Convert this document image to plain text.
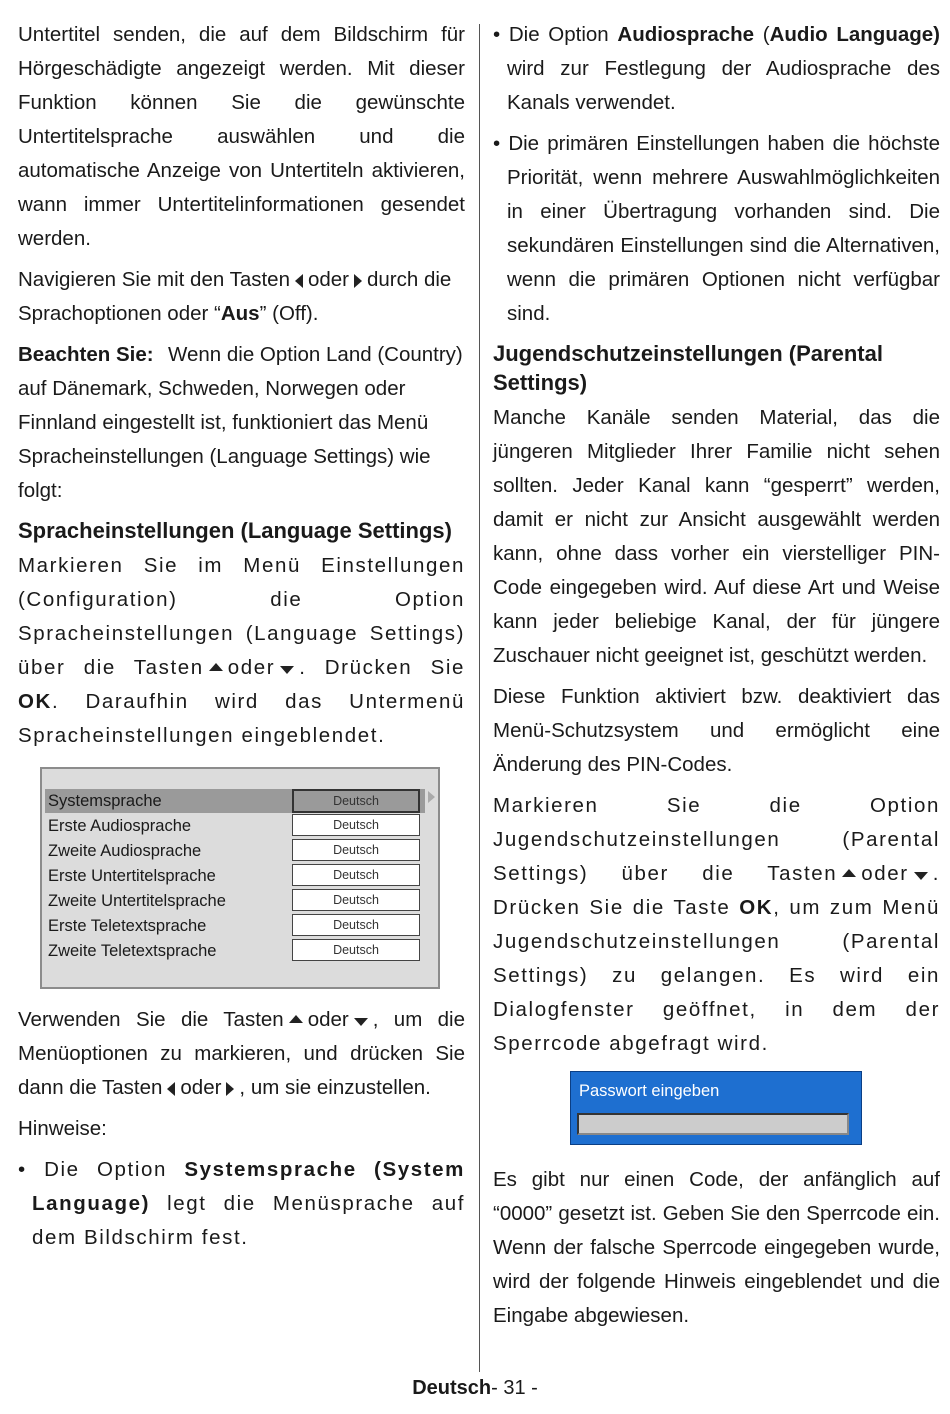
Untertitel senden, die auf dem Bildschirm für Hörgeschädigte angezeigt werden. Mit dieser Funktion können Sie die gewünschte Untertitelsprache auswählen und die automatische Anzeige von Untertiteln aktivieren, wann immer Untertitelinformationen gesendet werden.

Navigieren Sie mit den Tasten oder durch die Sprachoptionen oder “Aus” (Off).

Beachten Sie: Wenn die Option Land (Country) auf Dänemark, Schweden, Norwegen oder Finnland eingestellt ist, funktioniert das Menü Spracheinstellungen (Language Settings) wie folgt:

Spracheinstellungen (Language Settings)

Markieren Sie im Menü Einstellungen (Configuration) die Option Spracheinstellungen (Language Settings) über die Tasten oder . Drücken Sie OK. Daraufhin wird das Untermenü Spracheinstellungen eingeblendet.

Systemsprache	Deutsch
Erste Audiosprache	Deutsch
Zweite Audiosprache	Deutsch
Erste Untertitelsprache	Deutsch
Zweite Untertitelsprache	Deutsch
Erste Teletextsprache	Deutsch
Zweite Teletextsprache	Deutsch

Verwenden Sie die Tasten oder , um die Menüoptionen zu markieren, und drücken Sie dann die Tasten oder , um sie einzustellen.

Hinweise:

• Die Option Systemsprache (System Language) legt die Menüsprache auf dem Bildschirm fest.

• Die Option Audiosprache (Audio Language) wird zur Festlegung der Audiosprache des Kanals verwendet.

• Die primären Einstellungen haben die höchste Priorität, wenn mehrere Auswahlmöglichkeiten in einer Übertragung vorhanden sind. Die sekundären Einstellungen sind die Alternativen, wenn die primären Optionen nicht verfügbar sind.

Jugendschutzeinstellungen (Parental Settings)

Manche Kanäle senden Material, das die jüngeren Mitglieder Ihrer Familie nicht sehen sollten. Jeder Kanal kann “gesperrt” werden, damit er nicht zur Ansicht ausgewählt werden kann, ohne dass vorher ein vierstelliger PIN-Code eingegeben wird. Auf diese Art und Weise kann jeder beliebige Kanal, der für jüngere Zuschauer nicht geeignet ist, geschützt werden.

Diese Funktion aktiviert bzw. deaktiviert das Menü-Schutzsystem und ermöglicht eine Änderung des PIN-Codes.

Markieren Sie die Option Jugendschutzeinstellungen (Parental Settings) über die Tasten oder . Drücken Sie die Taste OK, um zum Menü Jugendschutzeinstellungen (Parental Settings) zu gelangen. Es wird ein Dialogfenster geöffnet, in dem der Sperrcode abgefragt wird.

Passwort eingeben

Es gibt nur einen Code, der anfänglich auf “0000” gesetzt ist. Geben Sie den Sperrcode ein. Wenn der falsche Sperrcode eingegeben wurde, wird der folgende Hinweis eingeblendet und die Eingabe abgewiesen.

Deutsch- 31 -
